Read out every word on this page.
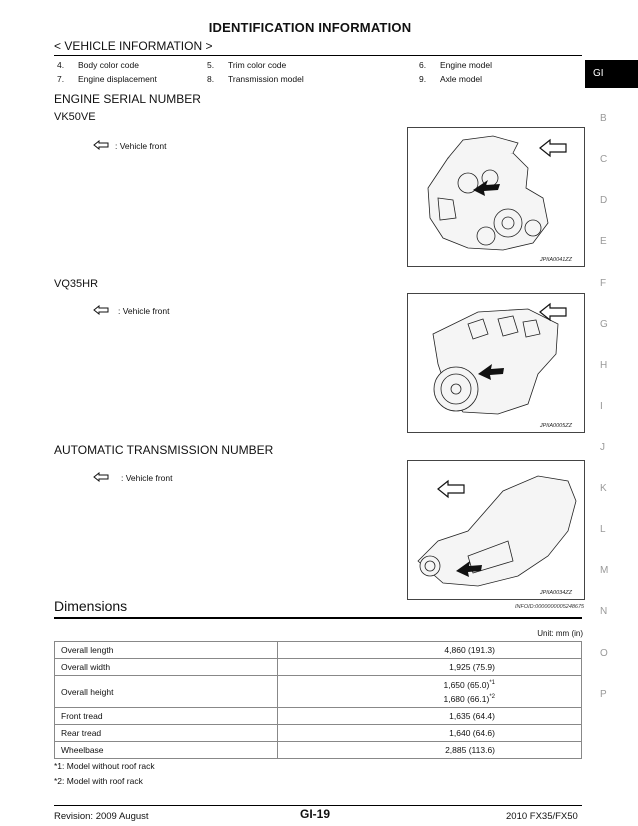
IDENTIFICATION INFORMATION
< VEHICLE INFORMATION >
4. Body color code	5. Trim color code	6. Engine model
7. Engine displacement	8. Transmission model	9. Axle model
ENGINE SERIAL NUMBER
VK50VE
: Vehicle front
JPIIA0041ZZ
VQ35HR
: Vehicle front
JPIIA0005ZZ
AUTOMATIC TRANSMISSION NUMBER
: Vehicle front
JPIIA0034ZZ
GI
B
C
D
E
F
G
H
I
J
K
L
M
N
O
P
Dimensions	INFOID:0000000005248675
Unit: mm (in)
Overall length	4,860 (191.3)
Overall width	1,925 (75.9)
Overall height	1,650 $(65.0)^{*1}$
1,680 $(66.1)^{*2}$

Front tread	1,635 (64.4)
Rear tread	1,640 (64.6)
Wheelbase	2,885 (113.6)
*1: Model without roof rack
*2: Model with roof rack
Revision: 2009 August	GI-19	2010 FX35/FX50
